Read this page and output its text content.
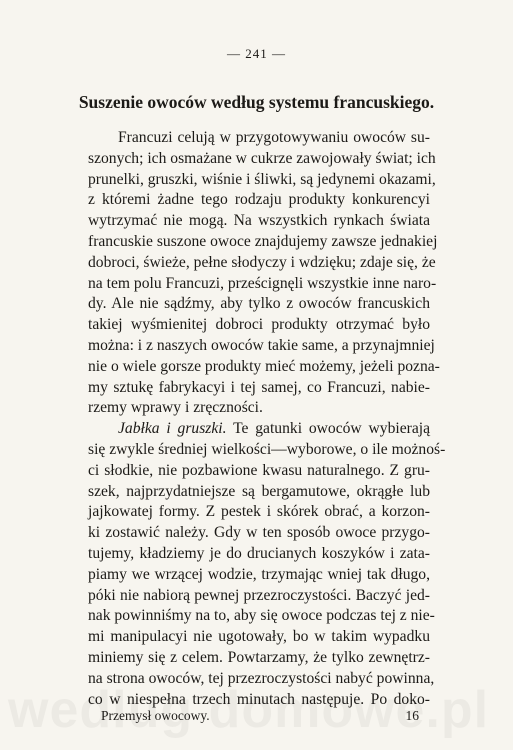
— 241 —
Suszenie owoców według systemu francuskiego.
Francuzi celują w przygotowywaniu owoców su-
szonych; ich osmażane w cukrze zawojowały świat; ich
prunelki, gruszki, wiśnie i śliwki, są jedynemi okazami,
z któremi żadne tego rodzaju produkty konkurencyi
wytrzymać nie mogą. Na wszystkich rynkach świata
francuskie suszone owoce znajdujemy zawsze jednakiej
dobroci, świeże, pełne słodyczy i wdzięku; zdaje się, że
na tem polu Francuzi, prześcignęli wszystkie inne naro-
dy. Ale nie sądźmy, aby tylko z owoców francuskich
takiej wyśmienitej dobroci produkty otrzymać było
można: i z naszych owoców takie same, a przynajmniej
nie o wiele gorsze produkty mieć możemy, jeżeli pozna-
my sztukę fabrykacyi i tej samej, co Francuzi, nabie-
rzemy wprawy i zręczności.
Jabłka i gruszki. Te gatunki owoców wybierają
się zwykle średniej wielkości—wyborowe, o ile możnoś-
ci słodkie, nie pozbawione kwasu naturalnego. Z gru-
szek, najprzydatniejsze są bergamutowe, okrągłe lub
jajkowatej formy. Z pestek i skórek obrać, a korzon-
ki zostawić należy. Gdy w ten sposób owoce przygo-
tujemy, kładziemy je do drucianych koszyków i zata-
piamy we wrzącej wodzie, trzymając wniej tak długo,
póki nie nabiorą pewnej przezroczystości. Baczyć jed-
nak powinniśmy na to, aby się owoce podczas tej z nie-
mi manipulacyi nie ugotowały, bo w takim wypadku
miniemy się z celem. Powtarzamy, że tylko zewnętrz-
na strona owoców, tej przezroczystości nabyć powinna,
co w niespełna trzech minutach następuje. Po doko-
Przemysł owocowy.	16
